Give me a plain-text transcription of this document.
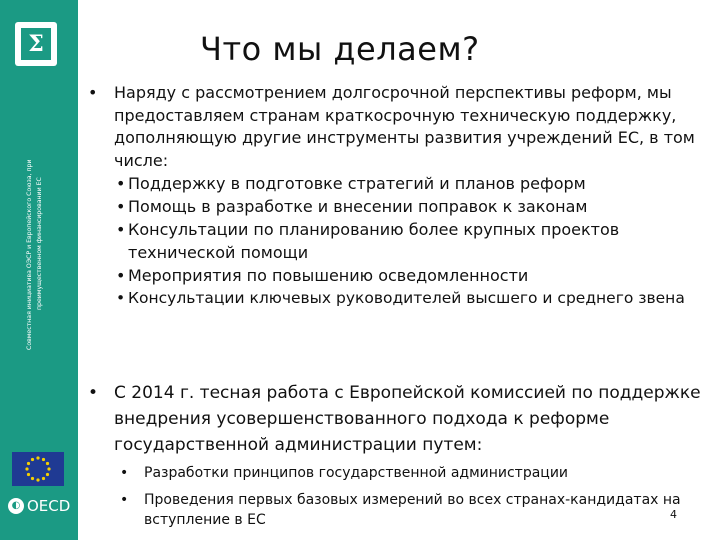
Σ
Совместная инициатива ОЭСР и Европейского Союза, при преимущественном финансировании ЕС
◐ OECD
Что мы делаем?
• Наряду с рассмотрением долгосрочной перспективы реформ, мы предоставляем странам краткосрочную техническую поддержку, дополняющую другие инструменты развития учреждений ЕС, в том числе:
• Поддержку в подготовке стратегий и планов реформ
• Помощь в разработке и внесении поправок к законам
• Консультации по планированию более крупных проектов технической помощи
• Мероприятия по повышению осведомленности
• Консультации ключевых руководителей высшего и среднего звена
• С 2014 г. тесная работа с Европейской комиссией по поддержке внедрения усовершенствованного подхода к реформе государственной администрации путем:
• Разработки принципов государственной администрации
• Проведения первых базовых измерений во всех странах-кандидатах на вступление в ЕС	4
